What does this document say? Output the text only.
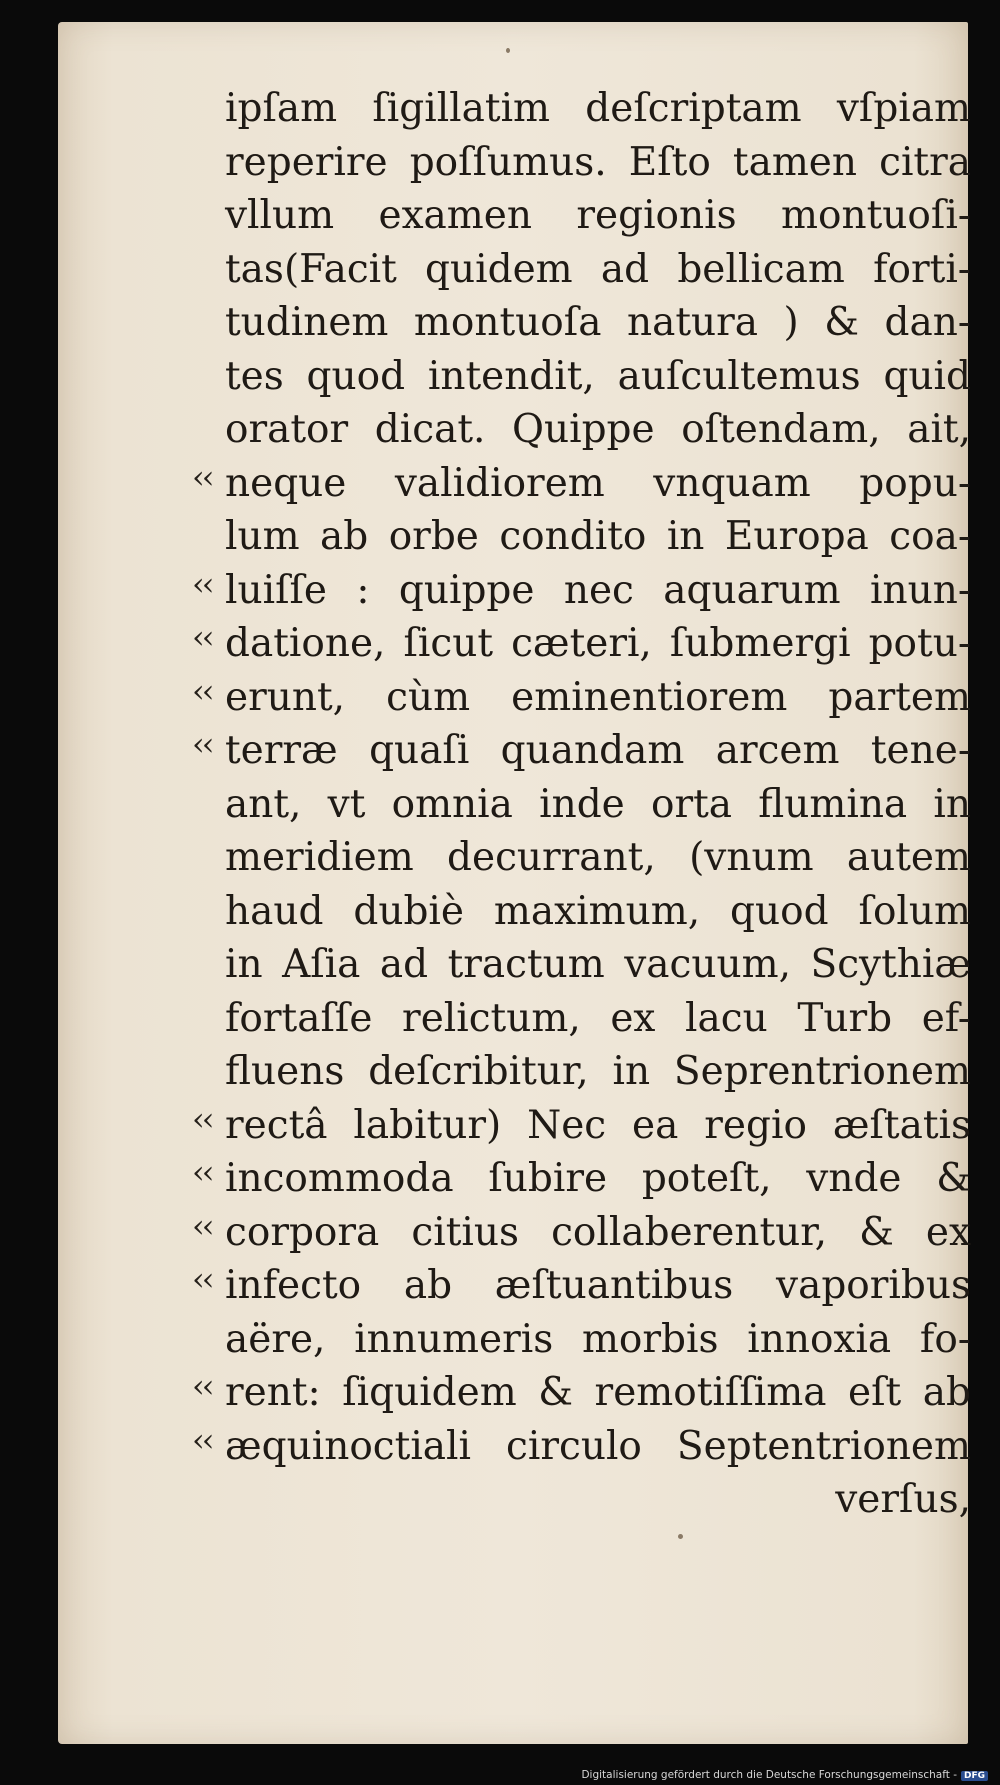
ipſam ſigillatim deſcriptam vſpiam
reperire poſſumus. Eſto tamen citra
vllum examen regionis montuoſi-
tas(Facit quidem ad bellicam forti-
tudinem montuoſa natura ) & dan-
tes quod intendit, auſcultemus quid
orator dicat. Quippe oſtendam, ait,
‹‹ neque validiorem vnquam popu-
lum ab orbe condito in Europa coa-
‹‹ luiſſe : quippe nec aquarum inun-
‹‹ datione, ſicut cæteri, ſubmergi potu-
‹‹ erunt, cùm eminentiorem partem
‹‹ terræ quaſi quandam arcem tene-
ant, vt omnia inde orta flumina in
meridiem decurrant, (vnum autem
haud dubiè maximum, quod ſolum
in Aſia ad tractum vacuum, Scythiæ
fortaſſe relictum, ex lacu Turb ef-
fluens deſcribitur, in Seprentrionem
‹‹ rectâ labitur) Nec ea regio æſtatis
‹‹ incommoda ſubire poteſt, vnde &
‹‹ corpora citius collaberentur, & ex
‹‹ infecto ab æſtuantibus vaporibus
aëre, innumeris morbis innoxia fo-
‹‹ rent: ſiquidem & remotiſſima eſt ab
‹‹ æquinoctiali circulo Septentrionem
verſus,
Digitalisierung gefördert durch die Deutsche Forschungsgemeinschaft - DFG
